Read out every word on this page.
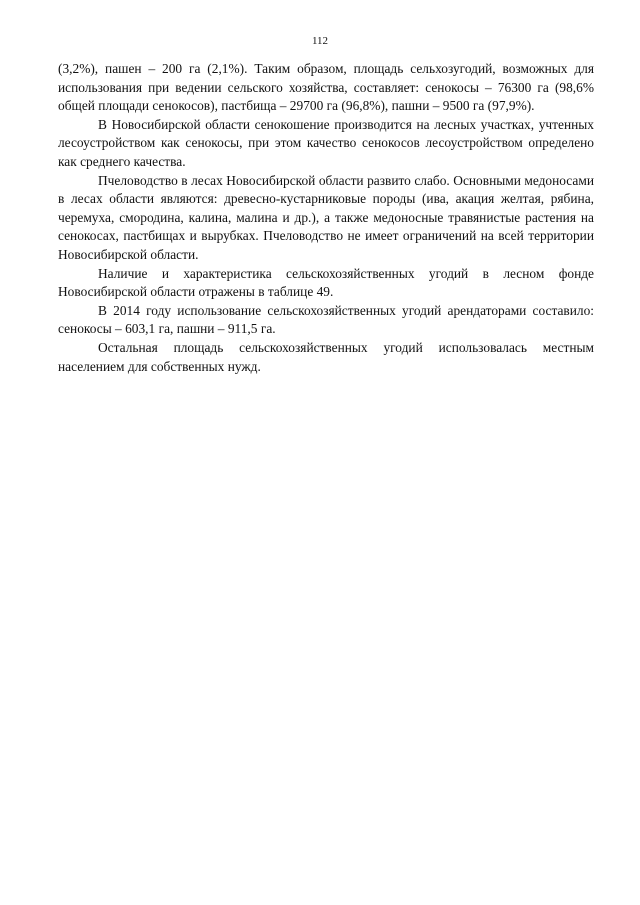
112

(3,2%), пашен – 200 га (2,1%). Таким образом, площадь сельхозугодий, возможных для использования при ведении сельского хозяйства, составляет: сенокосы – 76300 га (98,6% общей площади сенокосов), пастбища – 29700 га (96,8%), пашни – 9500 га (97,9%).

В Новосибирской области сенокошение производится на лесных участках, учтенных лесоустройством как сенокосы, при этом качество сенокосов лесоустройством определено как среднего качества.

Пчеловодство в лесах Новосибирской области развито слабо. Основными медоносами в лесах области являются: древесно-кустарниковые породы (ива, акация желтая, рябина, черемуха, смородина, калина, малина и др.), а также медоносные травянистые растения на сенокосах, пастбищах и вырубках. Пчеловодство не имеет ограничений на всей территории Новосибирской области.

Наличие и характеристика сельскохозяйственных угодий в лесном фонде Новосибирской области отражены в таблице 49.

В 2014 году использование сельскохозяйственных угодий арендаторами составило: сенокосы – 603,1 га, пашни – 911,5 га.

Остальная площадь сельскохозяйственных угодий использовалась местным населением для собственных нужд.
